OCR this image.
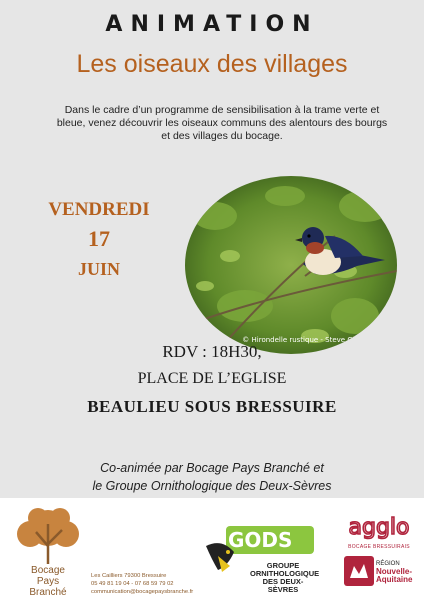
ANIMATION
Les oiseaux des villages
Dans le cadre d’un programme de sensibilisation à la trame verte et bleue, venez découvrir les oiseaux communs des alentours des bourgs et des villages du bocage.
VENDREDI
17
JUIN
© Hirondelle rustique - Steve Girault
RDV : 18H30,
PLACE DE L’EGLISE
BEAULIEU SOUS BRESSUIRE
Co-animée par Bocage Pays Branché et
le Groupe Ornithologique des Deux-Sèvres
Bocage
Pays
Branché
Les Cailliers 79300 Bressuire
05 49 81 19 04 - 07 68 59 79 02
communication@bocagepaysbranche.fr
GODS
GROUPE
ORNITHOLOGIQUE
DES DEUX-SÈVRES
agglo
BOCAGE BRESSUIRAIS
RÉGION
Nouvelle-
Aquitaine
